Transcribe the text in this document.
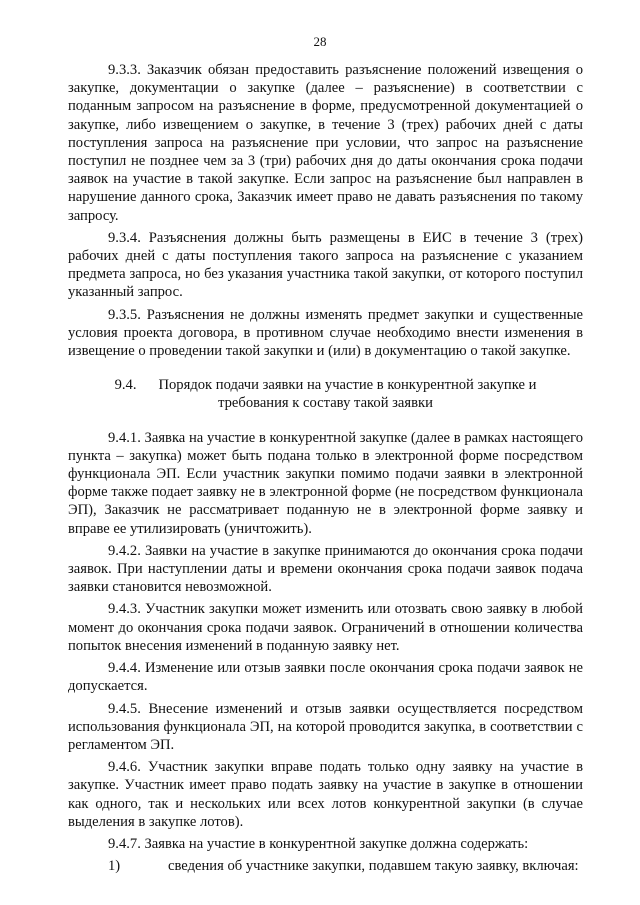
28

9.3.3. Заказчик обязан предоставить разъяснение положений извещения о закупке, документации о закупке (далее – разъяснение) в соответствии с поданным запросом на разъяснение в форме, предусмотренной документацией о закупке, либо извещением о закупке, в течение 3 (трех) рабочих дней с даты поступления запроса на разъяснение при условии, что запрос на разъяснение поступил не позднее чем за 3 (три) рабочих дня до даты окончания срока подачи заявок на участие в такой закупке. Если запрос на разъяснение был направлен в нарушение данного срока, Заказчик имеет право не давать разъяснения по такому запросу.

9.3.4. Разъяснения должны быть размещены в ЕИС в течение 3 (трех) рабочих дней с даты поступления такого запроса на разъяснение с указанием предмета запроса, но без указания участника такой закупки, от которого поступил указанный запрос.

9.3.5. Разъяснения не должны изменять предмет закупки и существенные условия проекта договора, в противном случае необходимо внести изменения в извещение о проведении такой закупки и (или) в документацию о такой закупке.

9.4. Порядок подачи заявки на участие в конкурентной закупке и требования к составу такой заявки

9.4.1. Заявка на участие в конкурентной закупке (далее в рамках настоящего пункта – закупка) может быть подана только в электронной форме посредством функционала ЭП. Если участник закупки помимо подачи заявки в электронной форме также подает заявку не в электронной форме (не посредством функционала ЭП), Заказчик не рассматривает поданную не в электронной форме заявку и вправе ее утилизировать (уничтожить).

9.4.2. Заявки на участие в закупке принимаются до окончания срока подачи заявок. При наступлении даты и времени окончания срока подачи заявок подача заявки становится невозможной.

9.4.3. Участник закупки может изменить или отозвать свою заявку в любой момент до окончания срока подачи заявок. Ограничений в отношении количества попыток внесения изменений в поданную заявку нет.

9.4.4. Изменение или отзыв заявки после окончания срока подачи заявок не допускается.

9.4.5. Внесение изменений и отзыв заявки осуществляется посредством использования функционала ЭП, на которой проводится закупка, в соответствии с регламентом ЭП.

9.4.6. Участник закупки вправе подать только одну заявку на участие в закупке. Участник имеет право подать заявку на участие в закупке в отношении как одного, так и нескольких или всех лотов конкурентной закупки (в случае выделения в закупке лотов).

9.4.7. Заявка на участие в конкурентной закупке должна содержать:

1)	сведения об участнике закупки, подавшем такую заявку, включая:
